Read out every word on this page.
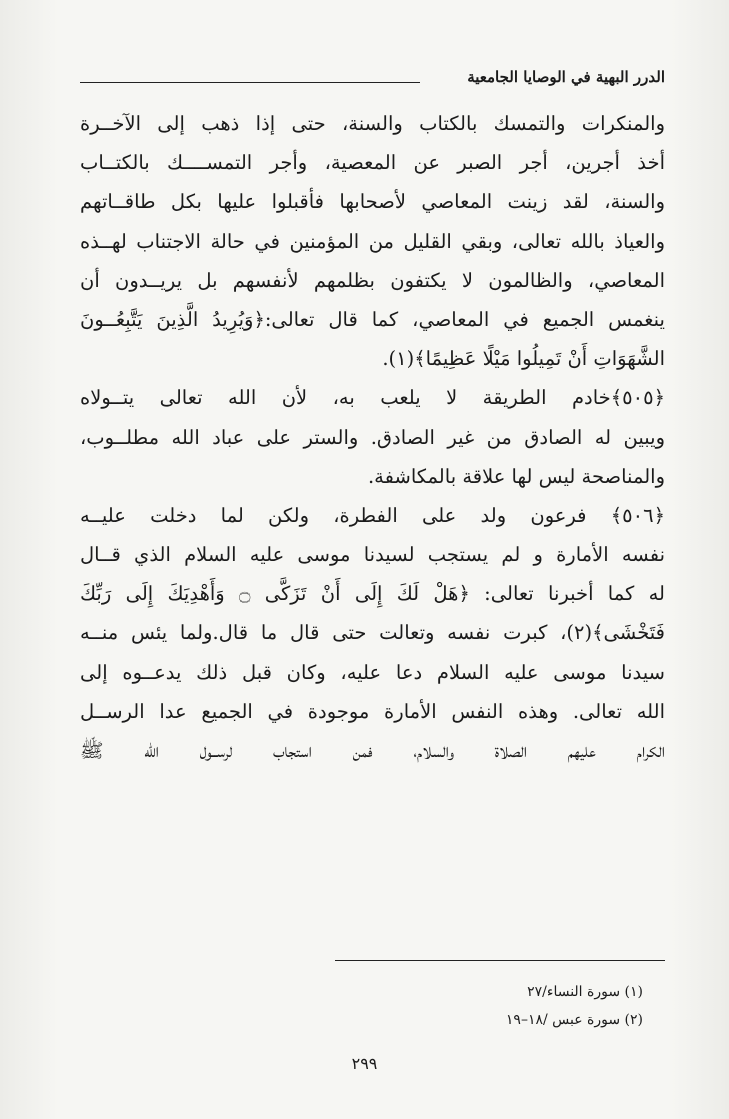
الدرر البهية في الوصايا الجامعية
والمنكرات والتمسك بالكتاب والسنة، حتى إذا ذهب إلى الآخــرة
أخذ أجرين، أجر الصبر عن المعصية، وأجر التمســــك بالكتــاب
والسنة، لقد زينت المعاصي لأصحابها فأقبلوا عليها بكل طاقــاتهم
والعياذ بالله تعالى، وبقي القليل من المؤمنين في حالة الاجتناب لهــذه
المعاصي، والظالمون لا يكتفون بظلمهم لأنفسهم بل يريــدون أن
ينغمس الجميع في المعاصي، كما قال تعالى:﴿وَيُرِيدُ الَّذِينَ يَتَّبِعُــونَ
الشَّهَوَاتِ أَنْ تَمِيلُوا مَيْلًا عَظِيمًا﴾(١).
﴿٥٠٥﴾خادم الطريقة لا يلعب به، لأن الله تعالى يتــولاه
ويبين له الصادق من غير الصادق. والستر على عباد الله مطلــوب،
والمناصحة ليس لها علاقة بالمكاشفة.
﴿٥٠٦﴾ فرعون ولد على الفطرة، ولكن لما دخلت عليــه
نفسه الأمارة و لم يستجب لسيدنا موسى عليه السلام الذي قــال
له كما أخبرنا تعالى: ﴿هَلْ لَكَ إِلَى أَنْ تَزَكَّى ۝ وَأَهْدِيَكَ إِلَى رَبِّكَ
فَتَخْشَى﴾(٢)، كبرت نفسه وتعالت حتى قال ما قال.ولما يئس منــه
سيدنا موسى عليه السلام دعا عليه، وكان قبل ذلك يدعــوه إلى
الله تعالى. وهذه النفس الأمارة موجودة في الجميع عدا الرســل
الكرام عليهم الصلاة والسلام، فمن استجاب لرســول الله ﷺ
(١) سورة النساء/٢٧
(٢) سورة عبس /١٨–١٩
٢٩٩
